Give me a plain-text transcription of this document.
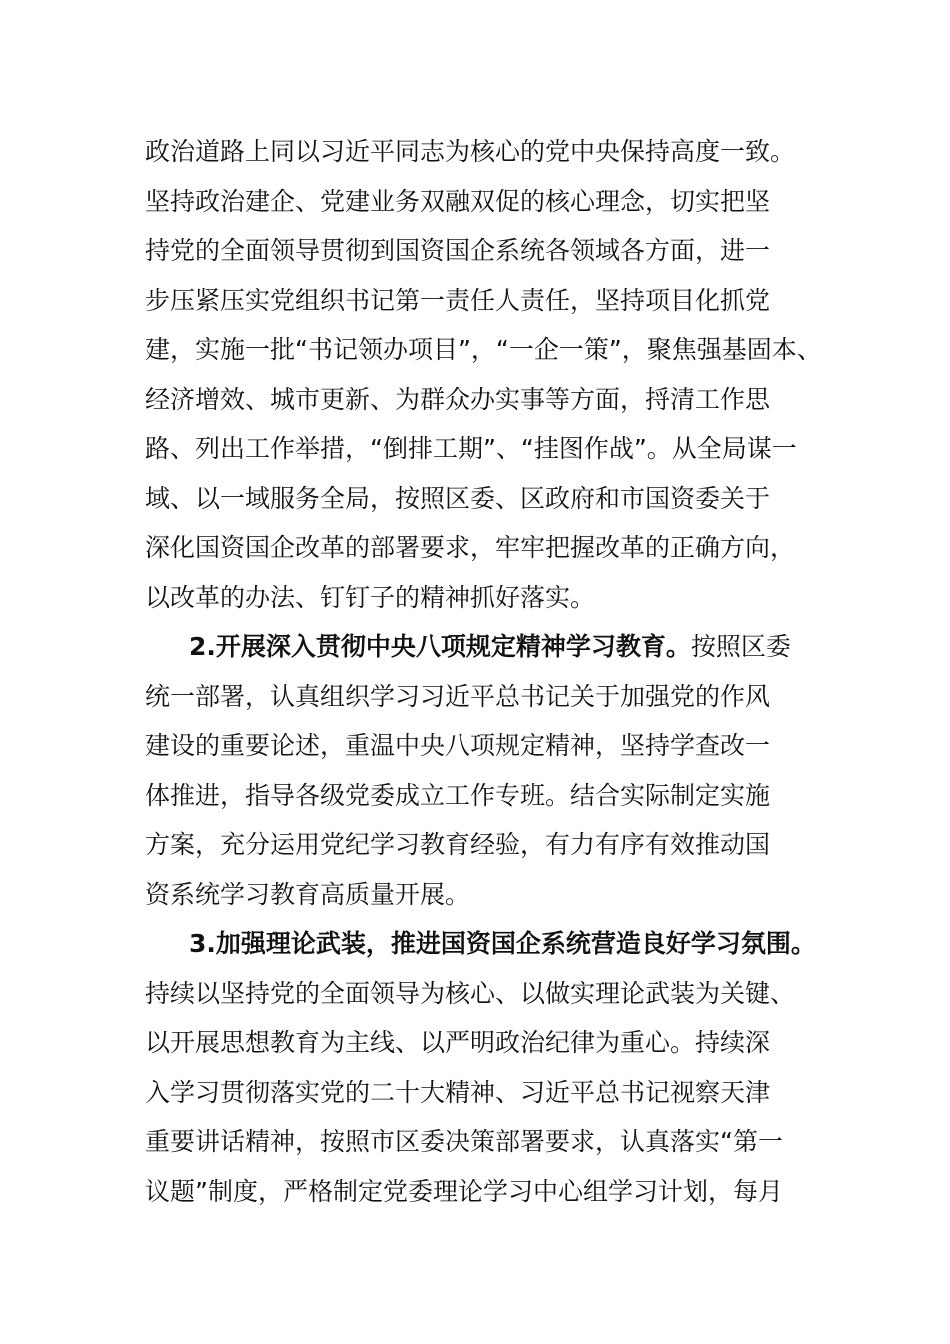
政治道路上同以习近平同志为核心的党中央保持高度一致。
坚持政治建企、党建业务双融双促的核心理念，切实把坚
持党的全面领导贯彻到国资国企系统各领域各方面，进一
步压紧压实党组织书记第一责任人责任，坚持项目化抓党
建，实施一批“书记领办项目”，“一企一策”，聚焦强基固本、
经济增效、城市更新、为群众办实事等方面，捋清工作思
路、列出工作举措，“倒排工期”、“挂图作战”。从全局谋一
域、以一域服务全局，按照区委、区政府和市国资委关于
深化国资国企改革的部署要求，牢牢把握改革的正确方向，
以改革的办法、钉钉子的精神抓好落实。
2.开展深入贯彻中央八项规定精神学习教育。按照区委
统一部署，认真组织学习习近平总书记关于加强党的作风
建设的重要论述，重温中央八项规定精神，坚持学查改一
体推进，指导各级党委成立工作专班。结合实际制定实施
方案，充分运用党纪学习教育经验，有力有序有效推动国
资系统学习教育高质量开展。
3.加强理论武装，推进国资国企系统营造良好学习氛围。
持续以坚持党的全面领导为核心、以做实理论武装为关键、
以开展思想教育为主线、以严明政治纪律为重心。持续深
入学习贯彻落实党的二十大精神、习近平总书记视察天津
重要讲话精神，按照市区委决策部署要求，认真落实“第一
议题”制度，严格制定党委理论学习中心组学习计划，每月
